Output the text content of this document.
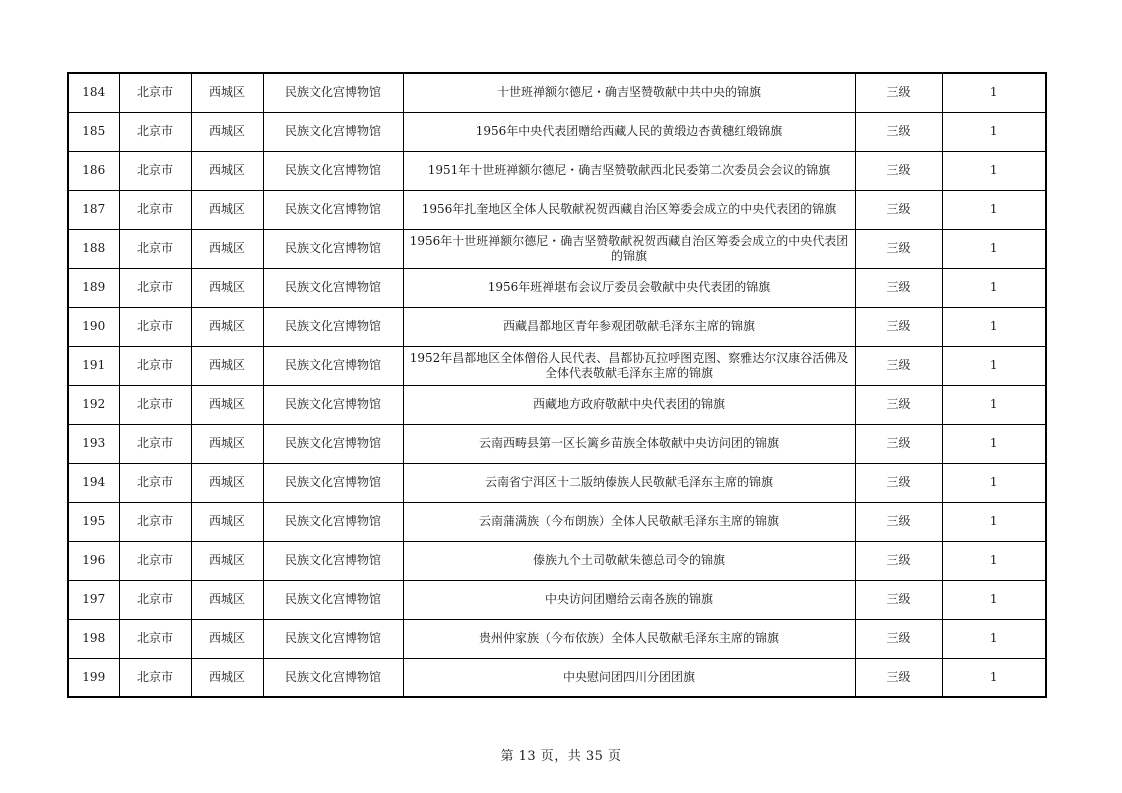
184	北京市	西城区	民族文化宫博物馆	十世班禅额尔德尼・确吉坚赞敬献中共中央的锦旗	三级	1
185	北京市	西城区	民族文化宫博物馆	1956年中央代表团赠给西藏人民的黄缎边杏黄穗红缎锦旗	三级	1
186	北京市	西城区	民族文化宫博物馆	1951年十世班禅额尔德尼・确吉坚赞敬献西北民委第二次委员会会议的锦旗	三级	1
187	北京市	西城区	民族文化宫博物馆	1956年扎奎地区全体人民敬献祝贺西藏自治区筹委会成立的中央代表团的锦旗	三级	1
188	北京市	西城区	民族文化宫博物馆	1956年十世班禅额尔德尼・确吉坚赞敬献祝贺西藏自治区筹委会成立的中央代表团的锦旗	三级	1
189	北京市	西城区	民族文化宫博物馆	1956年班禅堪布会议厅委员会敬献中央代表团的锦旗	三级	1
190	北京市	西城区	民族文化宫博物馆	西藏昌都地区青年参观团敬献毛泽东主席的锦旗	三级	1
191	北京市	西城区	民族文化宫博物馆	1952年昌都地区全体僧俗人民代表、昌都协瓦拉呼图克图、察雅达尔汉康谷活佛及全体代表敬献毛泽东主席的锦旗	三级	1
192	北京市	西城区	民族文化宫博物馆	西藏地方政府敬献中央代表团的锦旗	三级	1
193	北京市	西城区	民族文化宫博物馆	云南西畴县第一区长篱乡苗族全体敬献中央访问团的锦旗	三级	1
194	北京市	西城区	民族文化宫博物馆	云南省宁洱区十二版纳傣族人民敬献毛泽东主席的锦旗	三级	1
195	北京市	西城区	民族文化宫博物馆	云南蒲满族（今布朗族）全体人民敬献毛泽东主席的锦旗	三级	1
196	北京市	西城区	民族文化宫博物馆	傣族九个土司敬献朱德总司令的锦旗	三级	1
197	北京市	西城区	民族文化宫博物馆	中央访问团赠给云南各族的锦旗	三级	1
198	北京市	西城区	民族文化宫博物馆	贵州仲家族（今布依族）全体人民敬献毛泽东主席的锦旗	三级	1
199	北京市	西城区	民族文化宫博物馆	中央慰问团四川分团团旗	三级	1
第 13 页，共 35 页
